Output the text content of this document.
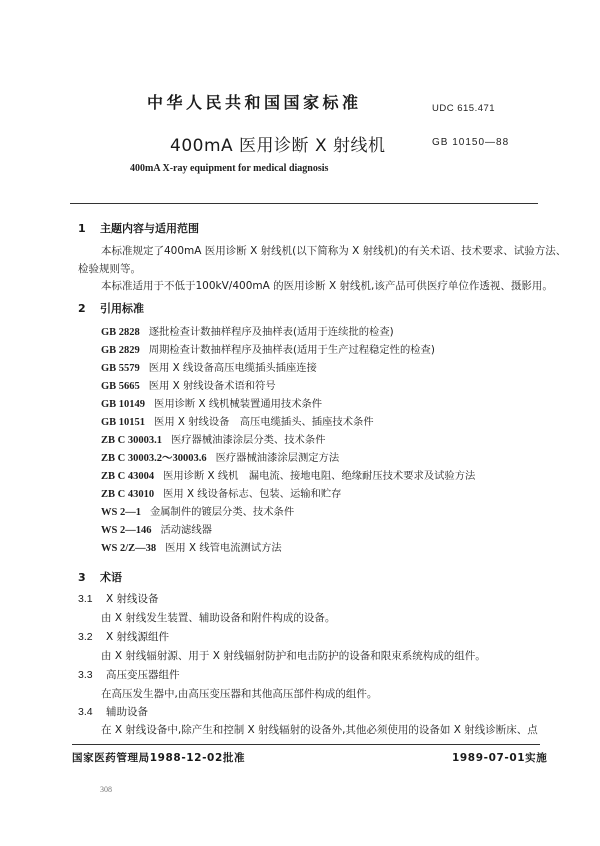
中华人民共和国国家标准	UDC 615.471
400mA 医用诊断 X 射线机	GB 10150—88
400mA X-ray equipment for medical diagnosis
1 主题内容与适用范围
本标准规定了400mA 医用诊断 X 射线机(以下简称为 X 射线机)的有关术语、技术要求、试验方法、
检验规则等。
本标准适用于不低于100kV/400mA 的医用诊断 X 射线机,该产品可供医疗单位作透视、摄影用。
2 引用标准
GB 2828 逐批检查计数抽样程序及抽样表(适用于连续批的检查)
GB 2829 周期检查计数抽样程序及抽样表(适用于生产过程稳定性的检查)
GB 5579 医用 X 线设备高压电缆插头插座连接
GB 5665 医用 X 射线设备术语和符号
GB 10149 医用诊断 X 线机械装置通用技术条件
GB 10151 医用 X 射线设备　高压电缆插头、插座技术条件
ZB C 30003.1 医疗器械油漆涂层分类、技术条件
ZB C 30003.2～30003.6 医疗器械油漆涂层测定方法
ZB C 43004 医用诊断 X 线机　漏电流、接地电阻、绝缘耐压技术要求及试验方法
ZB C 43010 医用 X 线设备标志、包装、运输和贮存
WS 2—1 金属制件的镀层分类、技术条件
WS 2—146 活动滤线器
WS 2/Z—38 医用 X 线管电流测试方法
3 术语
3.1 X 射线设备
由 X 射线发生装置、辅助设备和附件构成的设备。
3.2 X 射线源组件
由 X 射线辐射源、用于 X 射线辐射防护和电击防护的设备和限束系统构成的组件。
3.3 高压变压器组件
在高压发生器中,由高压变压器和其他高压部件构成的组件。
3.4 辅助设备
在 X 射线设备中,除产生和控制 X 射线辐射的设备外,其他必须使用的设备如 X 射线诊断床、点
国家医药管理局1988-12-02批准	1989-07-01实施
308
